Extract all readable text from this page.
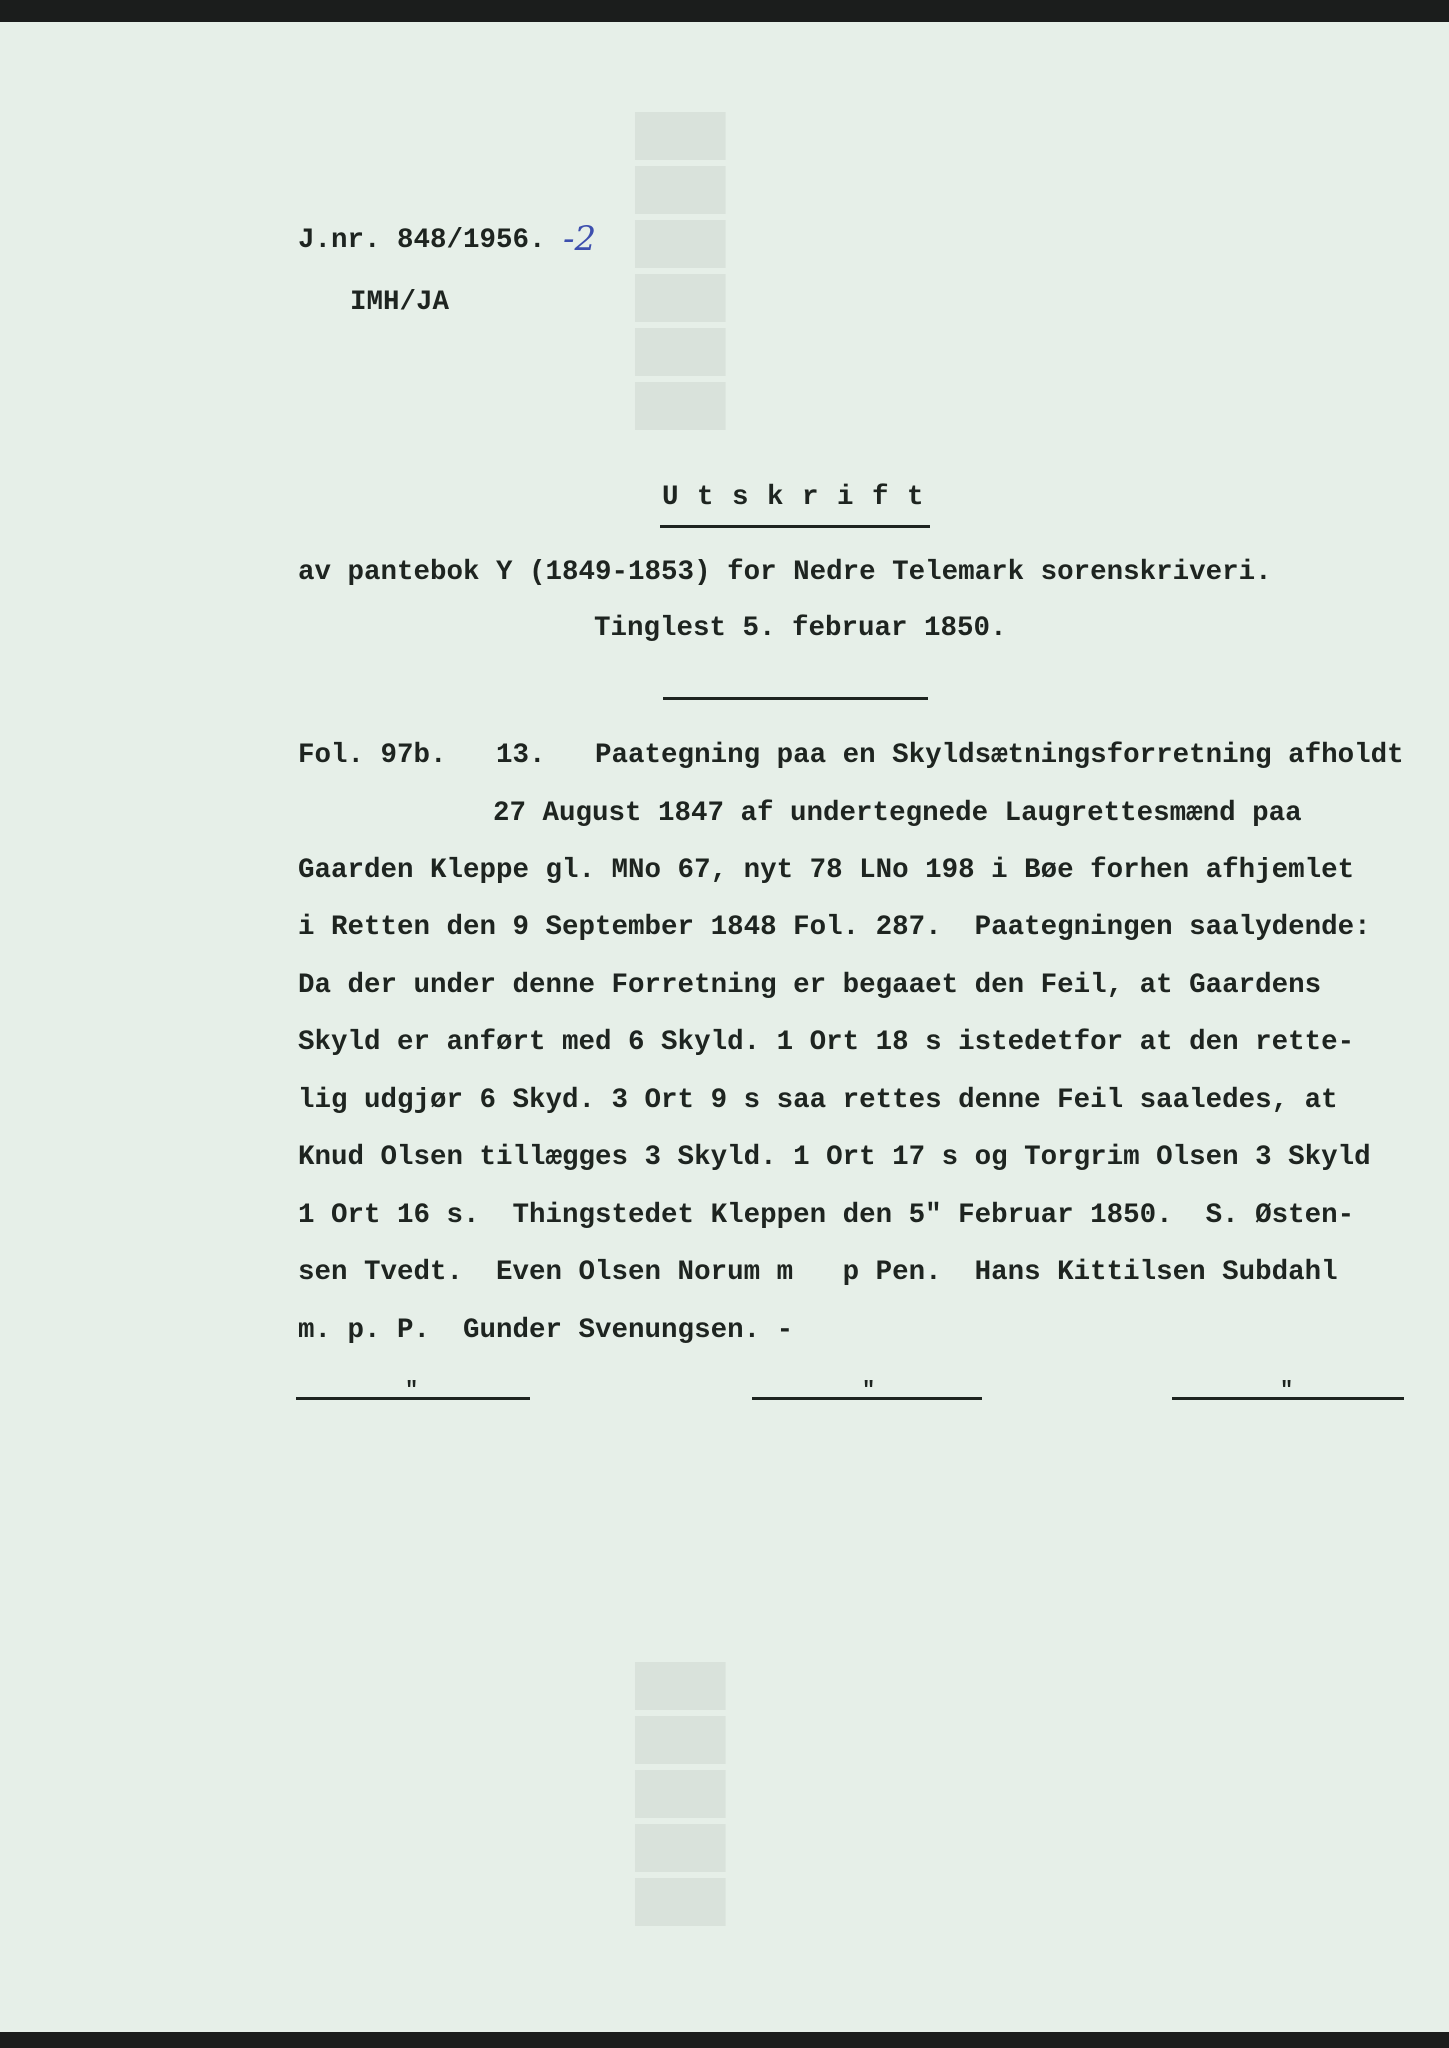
██████
█████

J.nr. 848/1956. -2

IMH/JA

U t s k r i f t

av pantebok Y (1849-1853) for Nedre Telemark sorenskriveri.

Tinglest 5. februar 1850.

Fol. 97b.   13.   Paategning paa en Skyldsætningsforretning afholdt

27 August 1847 af undertegnede Laugrettesmænd paa

Gaarden Kleppe gl. MNo 67, nyt 78 LNo 198 i Bøe forhen afhjemlet

i Retten den 9 September 1848 Fol. 287.  Paategningen saalydende:

Da der under denne Forretning er begaaet den Feil, at Gaardens

Skyld er anført med 6 Skyld. 1 Ort 18 s istedetfor at den rette-

lig udgjør 6 Skyd. 3 Ort 9 s saa rettes denne Feil saaledes, at

Knud Olsen tillægges 3 Skyld. 1 Ort 17 s og Torgrim Olsen 3 Skyld

1 Ort 16 s.  Thingstedet Kleppen den 5" Februar 1850.  S. Østen-

sen Tvedt.  Even Olsen Norum m   p Pen.  Hans Kittilsen Subdahl

m. p. P.  Gunder Svenungsen. -

"	"	"
